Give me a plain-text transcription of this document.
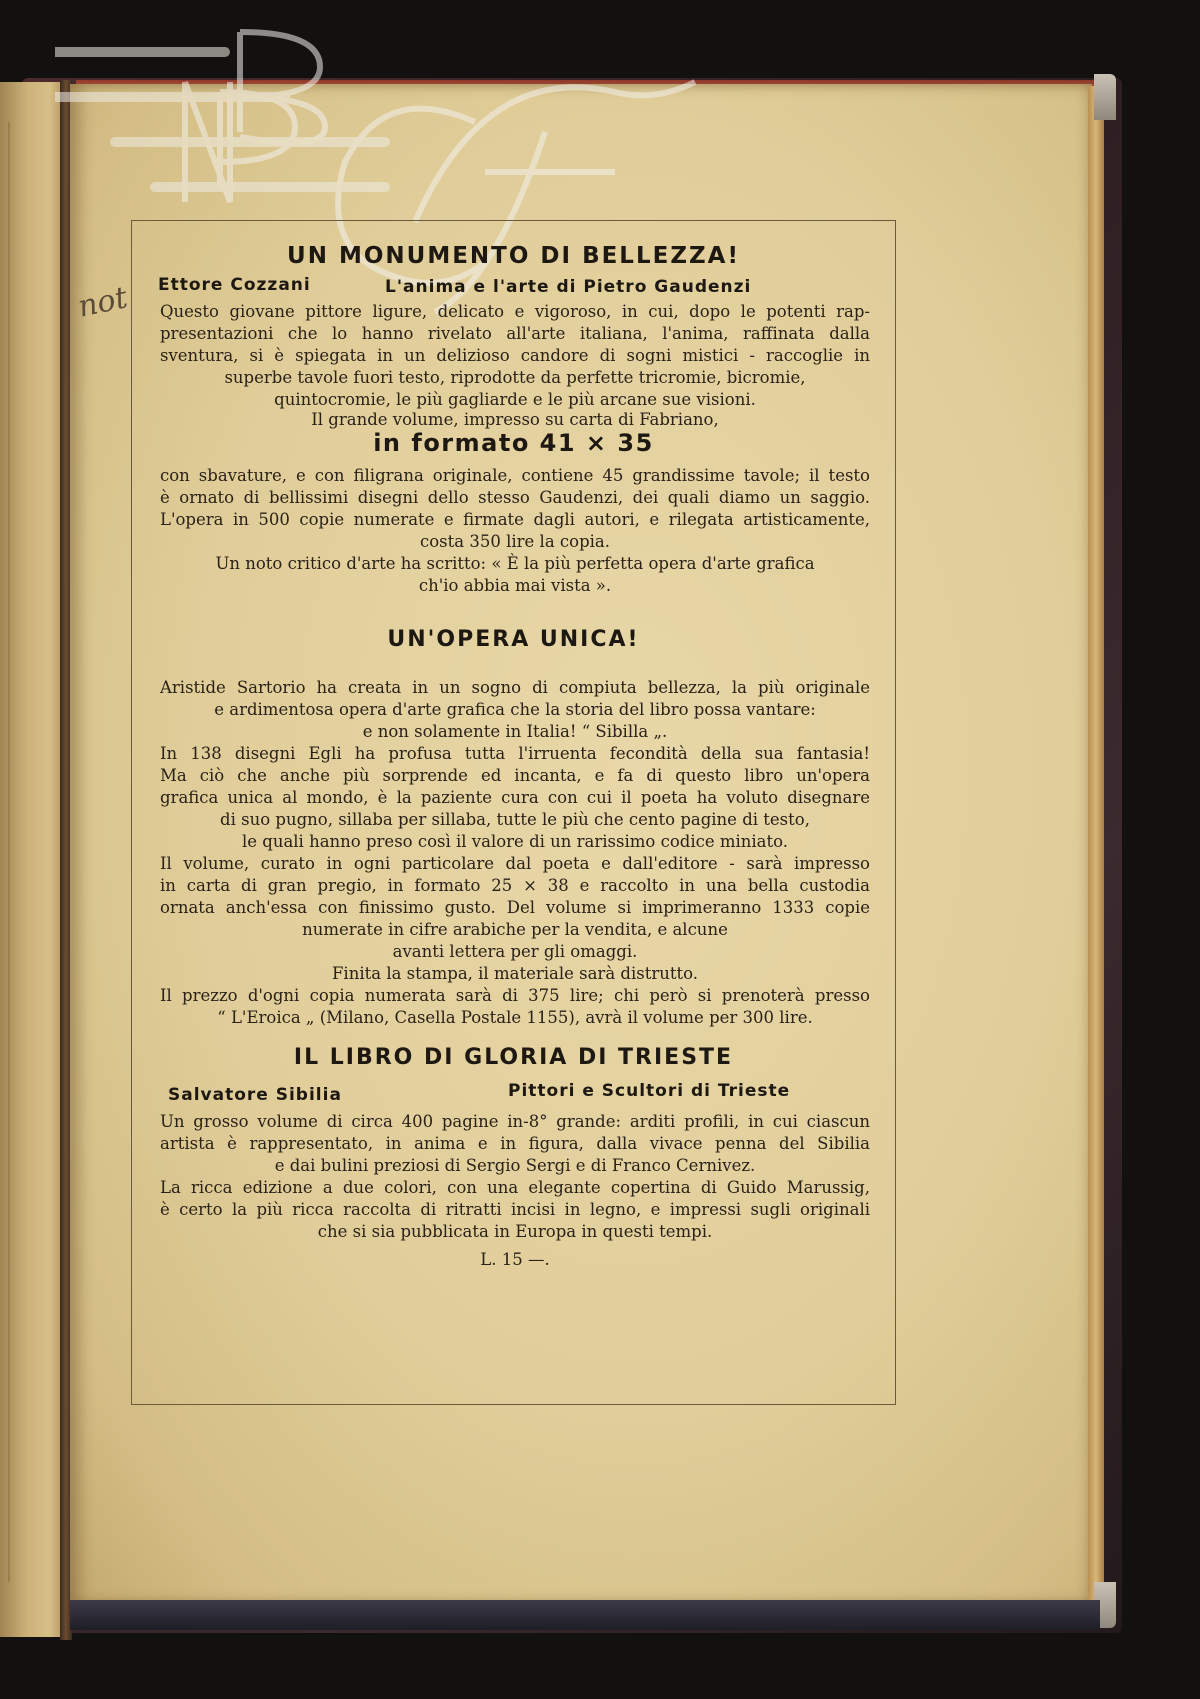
not
UN MONUMENTO DI BELLEZZA!
Ettore Cozzani	L'anima e l'arte di Pietro Gaudenzi
Questo giovane pittore ligure, delicato e vigoroso, in cui, dopo le potenti rap-
presentazioni che lo hanno rivelato all'arte italiana, l'anima, raffinata dalla
sventura, si è spiegata in un delizioso candore di sogni mistici - raccoglie in
superbe tavole fuori testo, riprodotte da perfette tricromie, bicromie,
quintocromie, le più gagliarde e le più arcane sue visioni.
Il grande volume, impresso su carta di Fabriano,
in formato 41 × 35
con sbavature, e con filigrana originale, contiene 45 grandissime tavole; il testo
è ornato di bellissimi disegni dello stesso Gaudenzi, dei quali diamo un saggio.
L'opera in 500 copie numerate e firmate dagli autori, e rilegata artisticamente,
costa 350 lire la copia.
Un noto critico d'arte ha scritto: « È la più perfetta opera d'arte grafica
ch'io abbia mai vista ».
UN'OPERA UNICA!
Aristide Sartorio ha creata in un sogno di compiuta bellezza, la più originale
e ardimentosa opera d'arte grafica che la storia del libro possa vantare:
e non solamente in Italia! “ Sibilla „.
In 138 disegni Egli ha profusa tutta l'irruenta fecondità della sua fantasia!
Ma ciò che anche più sorprende ed incanta, e fa di questo libro un'opera
grafica unica al mondo, è la paziente cura con cui il poeta ha voluto disegnare
di suo pugno, sillaba per sillaba, tutte le più che cento pagine di testo,
le quali hanno preso così il valore di un rarissimo codice miniato.
Il volume, curato in ogni particolare dal poeta e dall'editore - sarà impresso
in carta di gran pregio, in formato 25 × 38 e raccolto in una bella custodia
ornata anch'essa con finissimo gusto. Del volume si imprimeranno 1333 copie
numerate in cifre arabiche per la vendita, e alcune
avanti lettera per gli omaggi.
Finita la stampa, il materiale sarà distrutto.
Il prezzo d'ogni copia numerata sarà di 375 lire; chi però si prenoterà presso
“ L'Eroica „ (Milano, Casella Postale 1155), avrà il volume per 300 lire.
IL LIBRO DI GLORIA DI TRIESTE
Salvatore Sibilia	Pittori e Scultori di Trieste
Un grosso volume di circa 400 pagine in-8° grande: arditi profili, in cui ciascun
artista è rappresentato, in anima e in figura, dalla vivace penna del Sibilia
e dai bulini preziosi di Sergio Sergi e di Franco Cernivez.
La ricca edizione a due colori, con una elegante copertina di Guido Marussig,
è certo la più ricca raccolta di ritratti incisi in legno, e impressi sugli originali
che si sia pubblicata in Europa in questi tempi.
L. 15 —.
